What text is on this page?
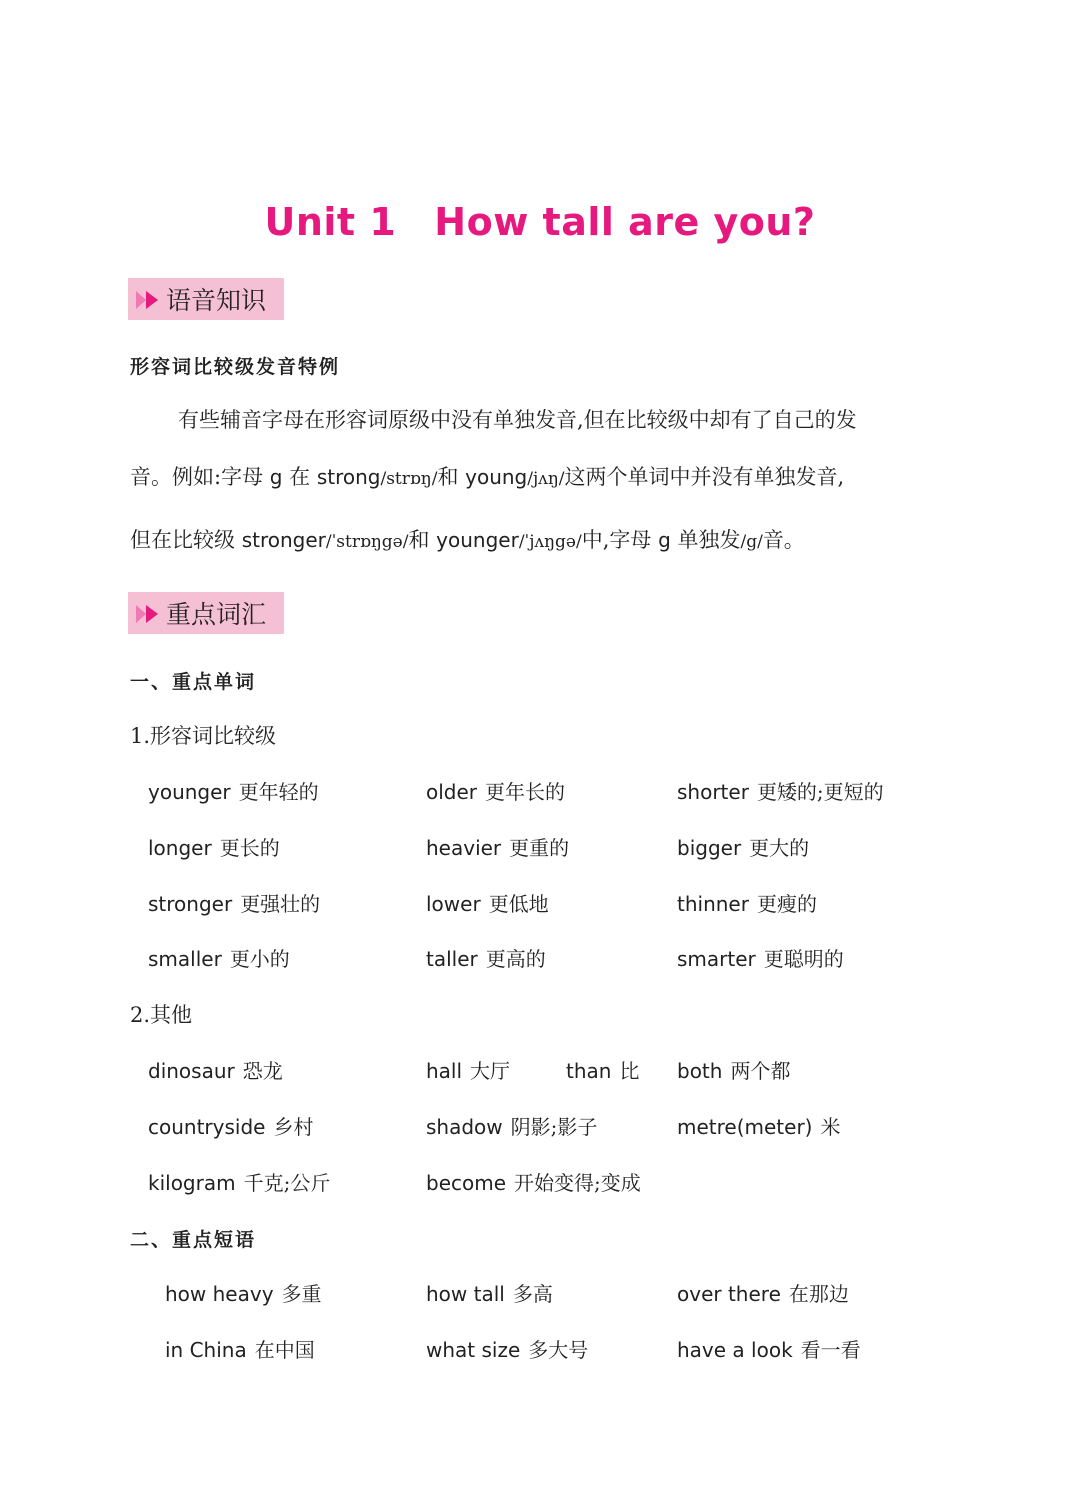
Unit 1 How tall are you?
语音知识
形容词比较级发音特例
有些辅音字母在形容词原级中没有单独发音,但在比较级中却有了自己的发
音。例如:字母 g 在 strong/strɒŋ/和 young/jʌŋ/这两个单词中并没有单独发音,
但在比较级 stronger/ˈstrɒŋgə/和 younger/ˈjʌŋgə/中,字母 g 单独发/g/音。
重点词汇
一、重点单词
1.形容词比较级
younger 更年轻的	older 更年长的	shorter 更矮的;更短的
longer 更长的	heavier 更重的	bigger 更大的
stronger 更强壮的	lower 更低地	thinner 更瘦的
smaller 更小的	taller 更高的	smarter 更聪明的
2.其他
dinosaur 恐龙	hall 大厅	than 比 both 两个都
countryside 乡村	shadow 阴影;影子	metre(meter) 米
kilogram 千克;公斤	become 开始变得;变成
二、重点短语
how heavy 多重	how tall 多高	over there 在那边
in China 在中国	what size 多大号	have a look 看一看
